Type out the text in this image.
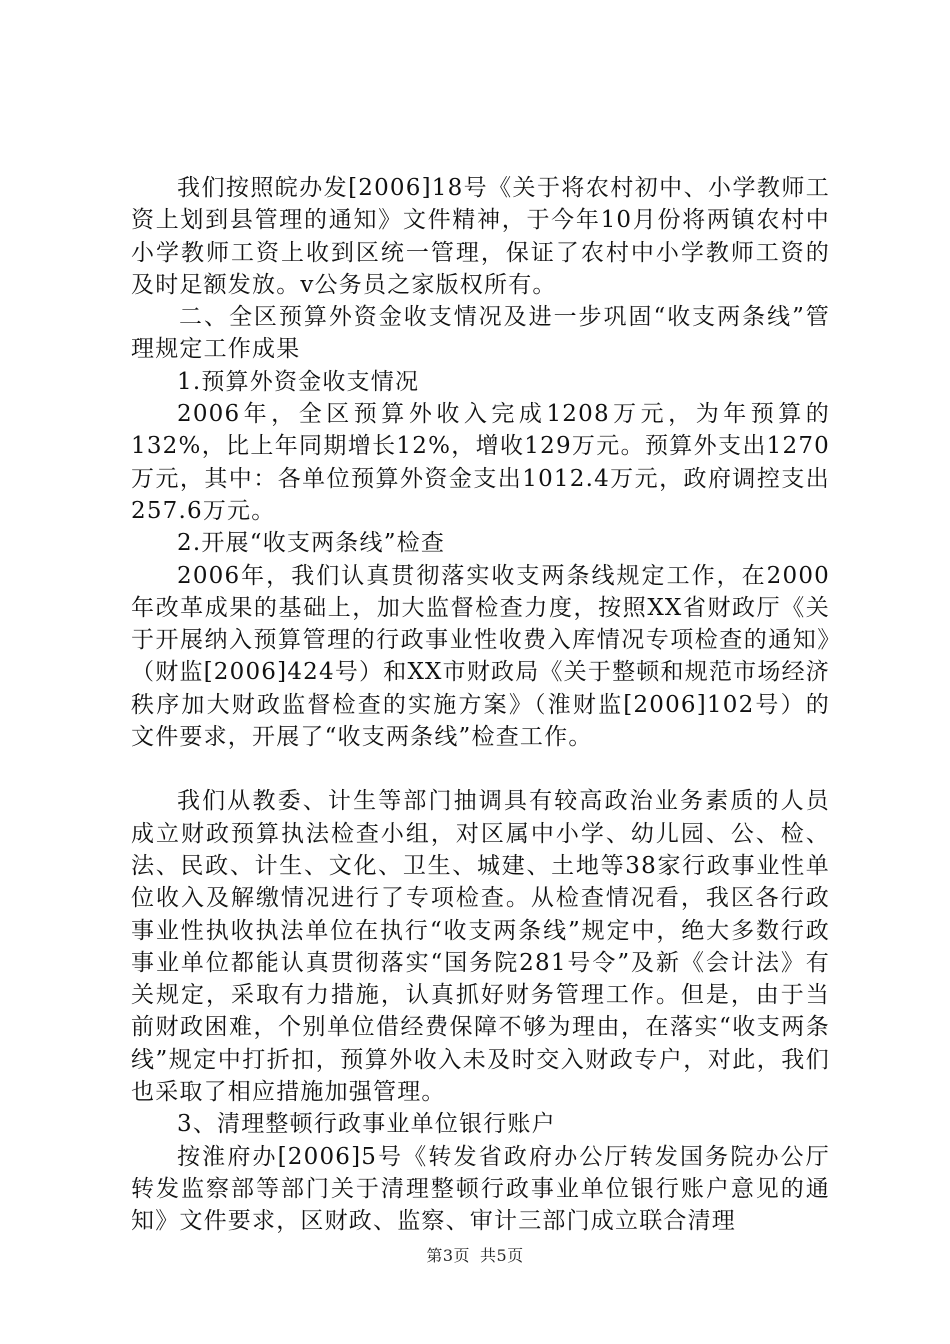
我们按照皖办发[2006]18号《关于将农村初中、小学教师工资上划到县管理的通知》文件精神，于今年10月份将两镇农村中小学教师工资上收到区统一管理，保证了农村中小学教师工资的及时足额发放。v公务员之家版权所有。

二、全区预算外资金收支情况及进一步巩固“收支两条线”管理规定工作成果

1.预算外资金收支情况

2006年，全区预算外收入完成1208万元，为年预算的132%，比上年同期增长12%，增收129万元。预算外支出1270万元，其中：各单位预算外资金支出1012.4万元，政府调控支出257.6万元。

2.开展“收支两条线”检查

2006年，我们认真贯彻落实收支两条线规定工作，在2000年改革成果的基础上，加大监督检查力度，按照XX省财政厅《关于开展纳入预算管理的行政事业性收费入库情况专项检查的通知》（财监[2006]424号）和XX市财政局《关于整顿和规范市场经济秩序加大财政监督检查的实施方案》（淮财监[2006]102号）的文件要求，开展了“收支两条线”检查工作。

我们从教委、计生等部门抽调具有较高政治业务素质的人员成立财政预算执法检查小组，对区属中小学、幼儿园、公、检、法、民政、计生、文化、卫生、城建、土地等38家行政事业性单位收入及解缴情况进行了专项检查。从检查情况看，我区各行政事业性执收执法单位在执行“收支两条线”规定中，绝大多数行政事业单位都能认真贯彻落实“国务院281号令”及新《会计法》有关规定，采取有力措施，认真抓好财务管理工作。但是，由于当前财政困难，个别单位借经费保障不够为理由，在落实“收支两条线”规定中打折扣，预算外收入未及时交入财政专户，对此，我们也采取了相应措施加强管理。

3、清理整顿行政事业单位银行账户

按淮府办[2006]5号《转发省政府办公厅转发国务院办公厅转发监察部等部门关于清理整顿行政事业单位银行账户意见的通知》文件要求，区财政、监察、审计三部门成立联合清理

第3页 共5页
